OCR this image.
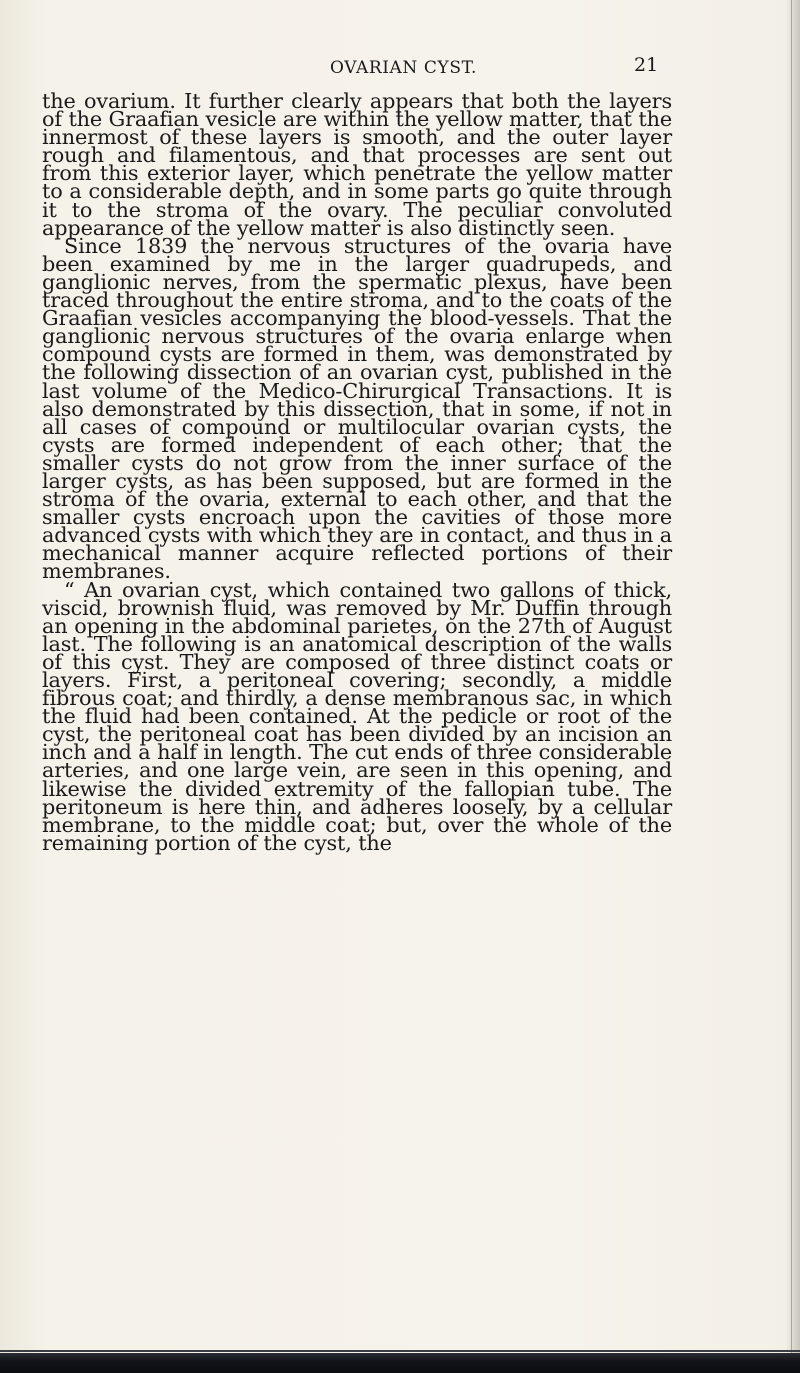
OVARIAN CYST.	21

the ovarium. It further clearly appears that both the layers of the Graafian vesicle are within the yellow matter, that the innermost of these layers is smooth, and the outer layer rough and filamentous, and that processes are sent out from this exterior layer, which penetrate the yellow matter to a considerable depth, and in some parts go quite through it to the stroma of the ovary. The peculiar convoluted appearance of the yellow matter is also distinctly seen.

Since 1839 the nervous structures of the ovaria have been examined by me in the larger quadrupeds, and ganglionic nerves, from the spermatic plexus, have been traced throughout the entire stroma, and to the coats of the Graafian vesicles accompanying the blood-vessels. That the ganglionic nervous structures of the ovaria enlarge when compound cysts are formed in them, was demonstrated by the following dissection of an ovarian cyst, published in the last volume of the Medico-Chirurgical Transactions. It is also demonstrated by this dissection, that in some, if not in all cases of compound or multilocular ovarian cysts, the cysts are formed independent of each other; that the smaller cysts do not grow from the inner surface of the larger cysts, as has been supposed, but are formed in the stroma of the ovaria, external to each other, and that the smaller cysts encroach upon the cavities of those more advanced cysts with which they are in contact, and thus in a mechanical manner acquire reflected portions of their membranes.

“ An ovarian cyst, which contained two gallons of thick, viscid, brownish fluid, was removed by Mr. Duffin through an opening in the abdominal parietes, on the 27th of August last. The following is an anatomical description of the walls of this cyst. They are composed of three distinct coats or layers. First, a peritoneal covering; secondly, a middle fibrous coat; and thirdly, a dense membranous sac, in which the fluid had been contained. At the pedicle or root of the cyst, the peritoneal coat has been divided by an incision an inch and a half in length. The cut ends of three considerable arteries, and one large vein, are seen in this opening, and likewise the divided extremity of the fallopian tube. The peritoneum is here thin, and adheres loosely, by a cellular membrane, to the middle coat; but, over the whole of the remaining portion of the cyst, the
